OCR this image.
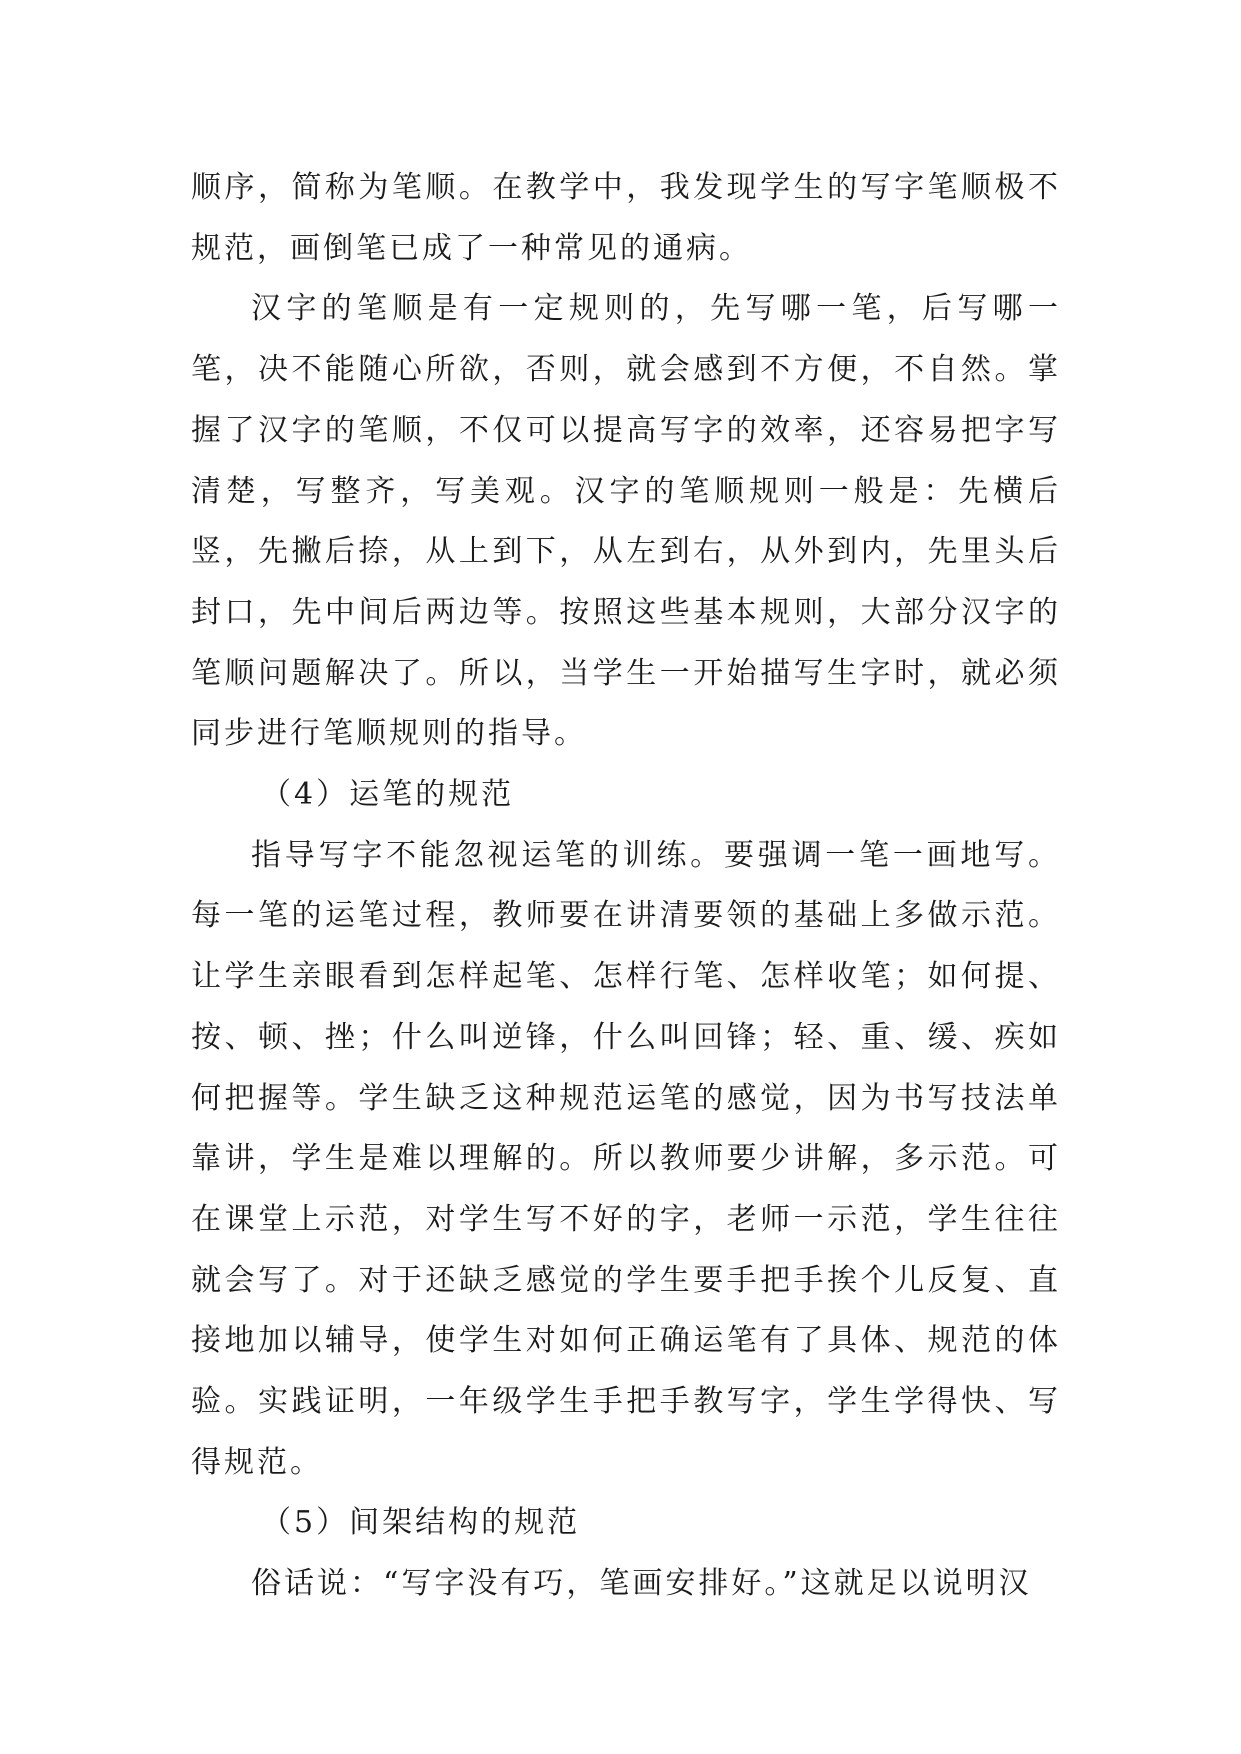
顺序，简称为笔顺。在教学中，我发现学生的写字笔顺极不规范，画倒笔已成了一种常见的通病。

汉字的笔顺是有一定规则的，先写哪一笔，后写哪一笔，决不能随心所欲，否则，就会感到不方便，不自然。掌握了汉字的笔顺，不仅可以提高写字的效率，还容易把字写清楚，写整齐，写美观。汉字的笔顺规则一般是：先横后竖，先撇后捺，从上到下，从左到右，从外到内，先里头后封口，先中间后两边等。按照这些基本规则，大部分汉字的笔顺问题解决了。所以，当学生一开始描写生字时，就必须同步进行笔顺规则的指导。

（4）运笔的规范

指导写字不能忽视运笔的训练。要强调一笔一画地写。每一笔的运笔过程，教师要在讲清要领的基础上多做示范。让学生亲眼看到怎样起笔、怎样行笔、怎样收笔；如何提、按、顿、挫；什么叫逆锋，什么叫回锋；轻、重、缓、疾如何把握等。学生缺乏这种规范运笔的感觉，因为书写技法单靠讲，学生是难以理解的。所以教师要少讲解，多示范。可在课堂上示范，对学生写不好的字，老师一示范，学生往往就会写了。对于还缺乏感觉的学生要手把手挨个儿反复、直接地加以辅导，使学生对如何正确运笔有了具体、规范的体验。实践证明，一年级学生手把手教写字，学生学得快、写得规范。

（5）间架结构的规范

俗话说：“写字没有巧，笔画安排好。”这就足以说明汉
